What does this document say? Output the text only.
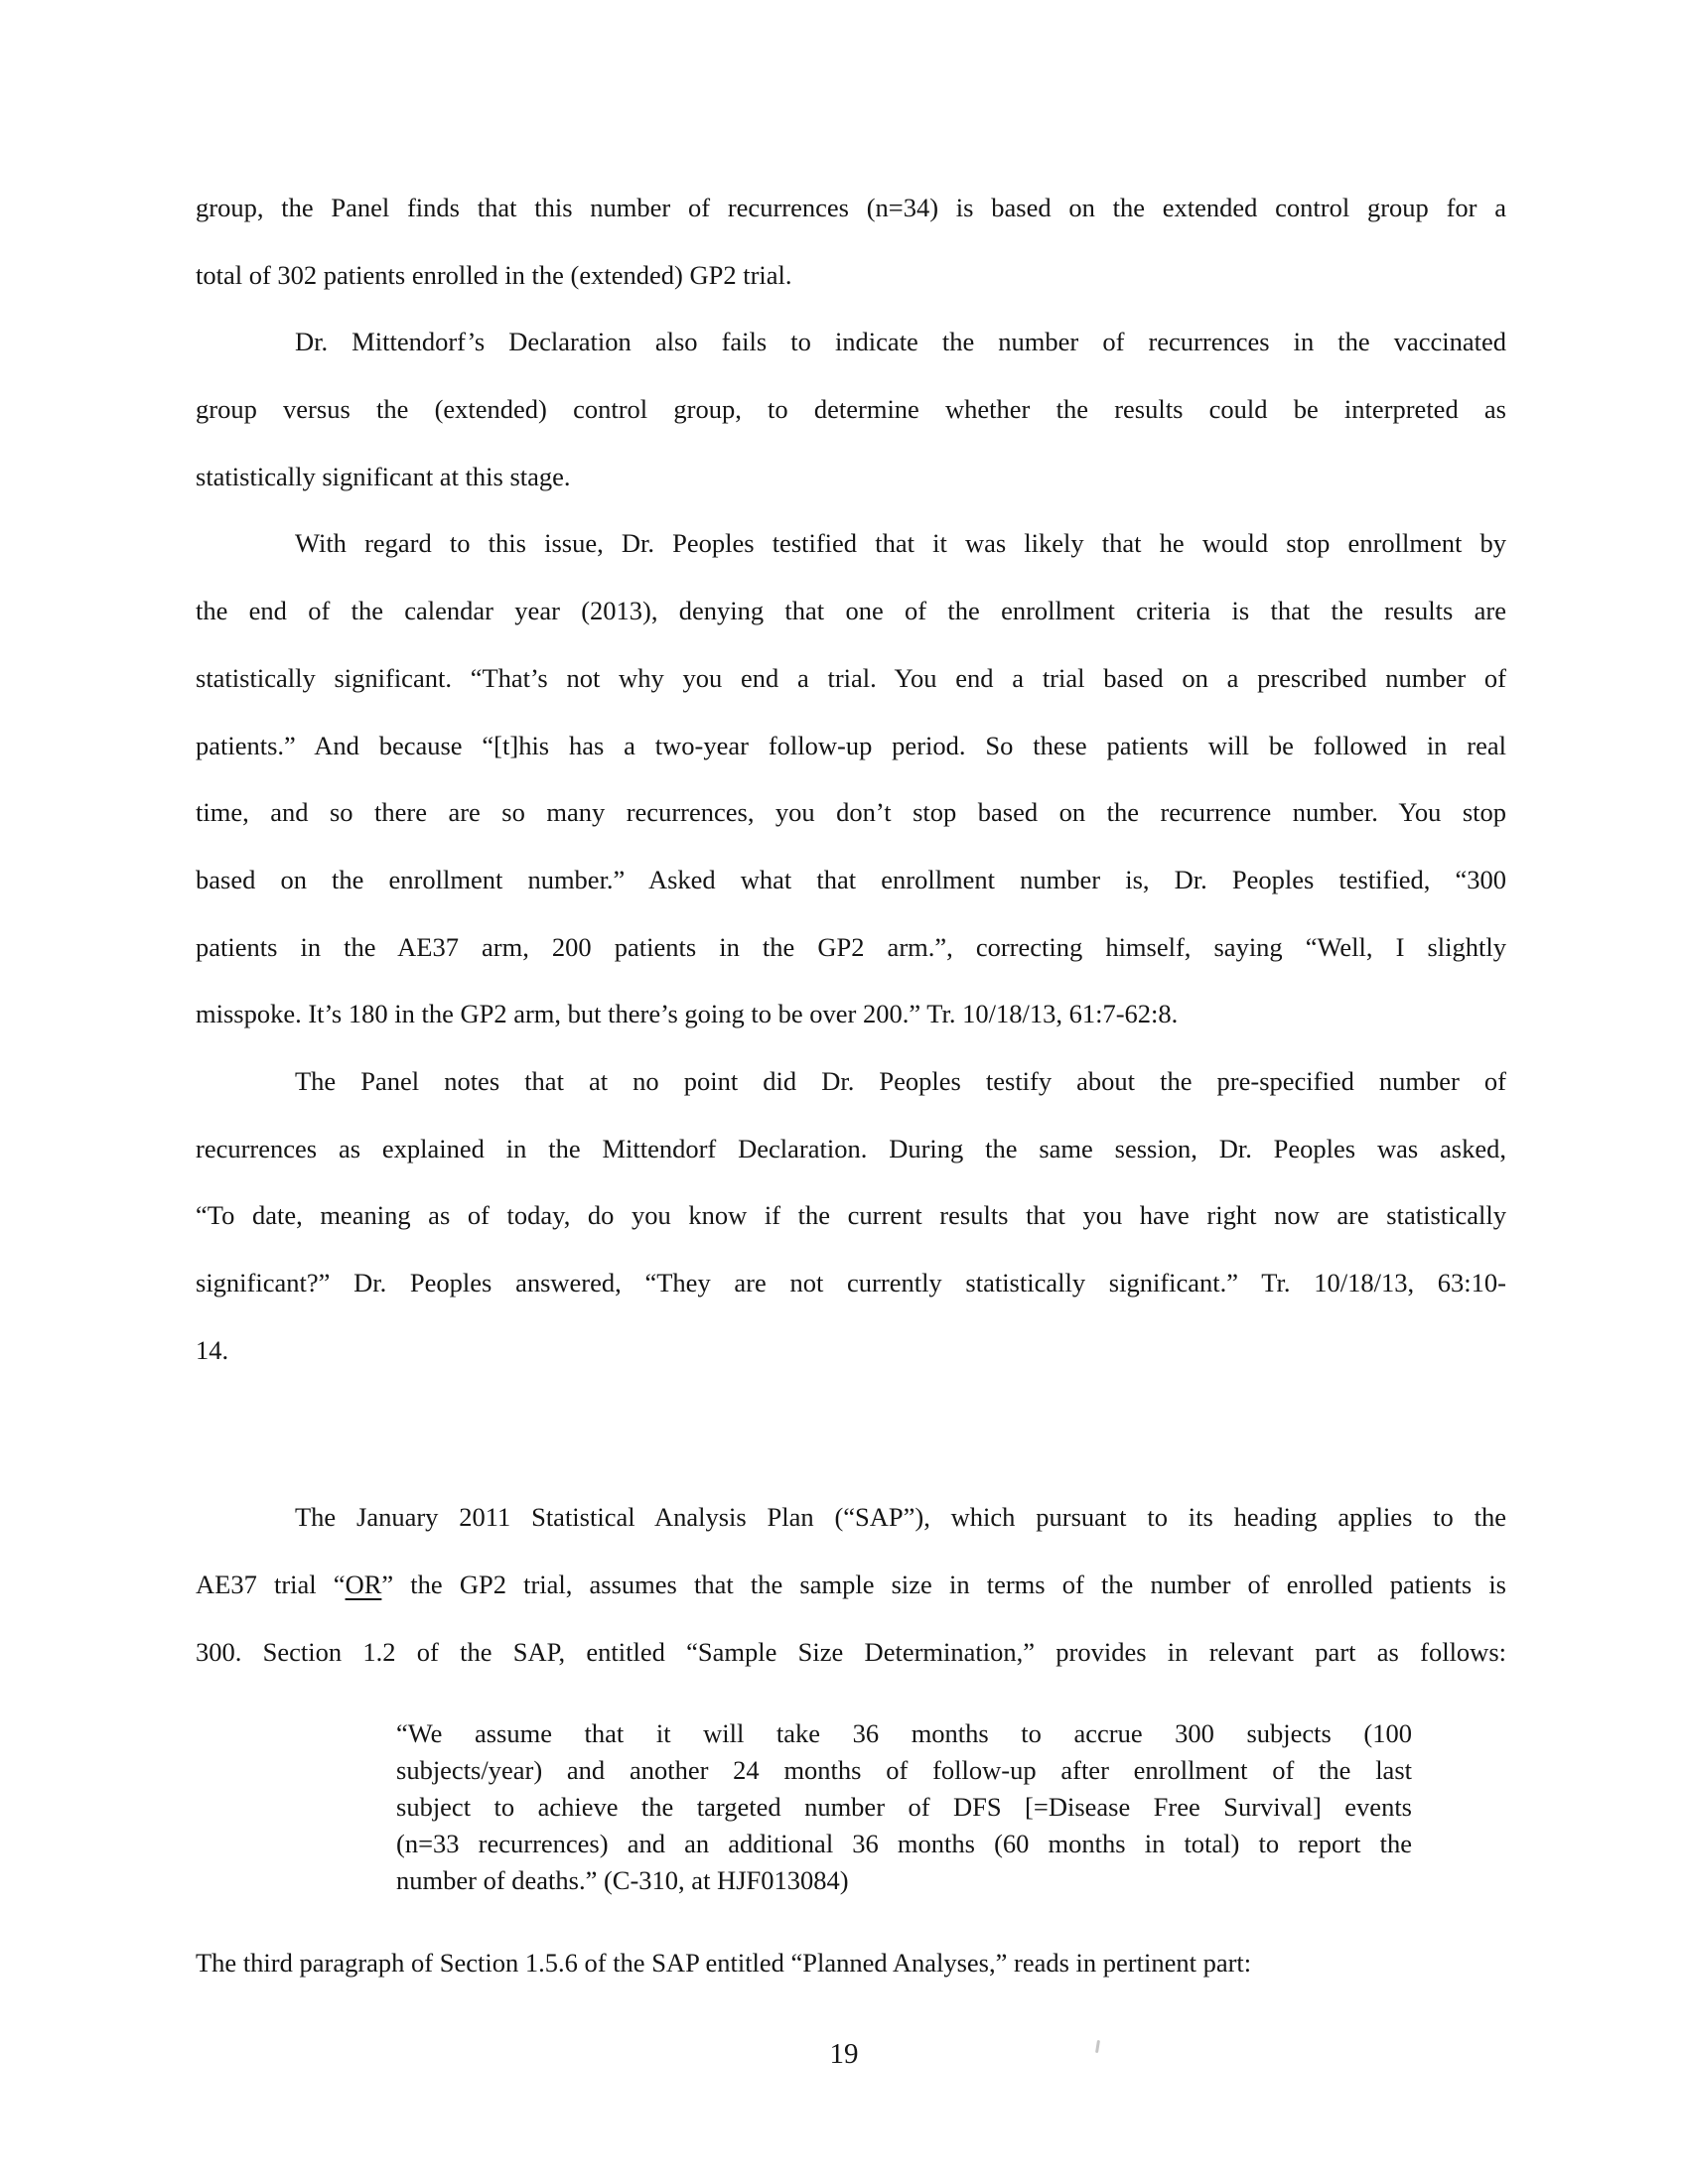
group, the Panel finds that this number of recurrences (n=34) is based on the extended control group for a
total of 302 patients enrolled in the (extended) GP2 trial.
Dr. Mittendorf’s Declaration also fails to indicate the number of recurrences in the vaccinated
group versus the (extended) control group, to determine whether the results could be interpreted as
statistically significant at this stage.
With regard to this issue, Dr. Peoples testified that it was likely that he would stop enrollment by
the end of the calendar year (2013), denying that one of the enrollment criteria is that the results are
statistically significant. “That’s not why you end a trial. You end a trial based on a prescribed number of
patients.” And because “[t]his has a two-year follow-up period. So these patients will be followed in real
time, and so there are so many recurrences, you don’t stop based on the recurrence number. You stop
based on the enrollment number.” Asked what that enrollment number is, Dr. Peoples testified, “300
patients in the AE37 arm, 200 patients in the GP2 arm.”, correcting himself, saying “Well, I slightly
misspoke. It’s 180 in the GP2 arm, but there’s going to be over 200.” Tr. 10/18/13, 61:7-62:8.
The Panel notes that at no point did Dr. Peoples testify about the pre-specified number of
recurrences as explained in the Mittendorf Declaration. During the same session, Dr. Peoples was asked,
“To date, meaning as of today, do you know if the current results that you have right now are statistically
significant?” Dr. Peoples answered, “They are not currently statistically significant.” Tr. 10/18/13, 63:10-
14.
The January 2011 Statistical Analysis Plan (“SAP”), which pursuant to its heading applies to the
AE37 trial “OR” the GP2 trial, assumes that the sample size in terms of the number of enrolled patients is
300. Section 1.2 of the SAP, entitled “Sample Size Determination,” provides in relevant part as follows:
“We assume that it will take 36 months to accrue 300 subjects (100
subjects/year) and another 24 months of follow-up after enrollment of the last
subject to achieve the targeted number of DFS [=Disease Free Survival] events
(n=33 recurrences) and an additional 36 months (60 months in total) to report the
number of deaths.” (C-310, at HJF013084)
The third paragraph of Section 1.5.6 of the SAP entitled “Planned Analyses,” reads in pertinent part:
19
